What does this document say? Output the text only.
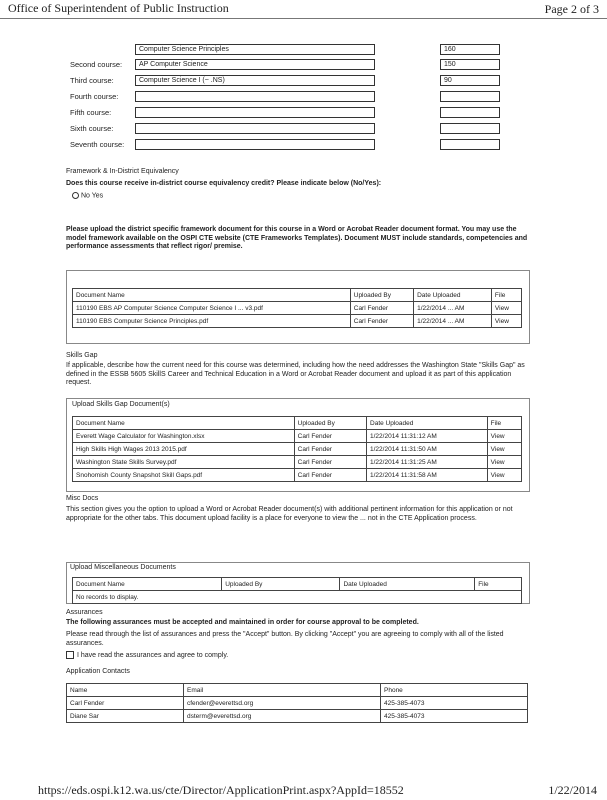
Office of Superintendent of Public Instruction	Page 2 of 3
Computer Science Principles	160
Second course:	AP Computer Science	150
Third course:	Computer Science I (~ .NS)	90
Fourth course:
Fifth course:
Sixth course:
Seventh course:
Framework & In-District Equivalency
Does this course receive in-district course equivalency credit? Please indicate below (No/Yes):
No Yes
Please upload the district specific framework document for this course in a Word or Acrobat Reader document format. You may use the model framework available on the OSPI CTE website (CTE Frameworks Templates). Document MUST include standards, competencies and performance assessments that reflect rigor/ premise.
Document Name	Uploaded By	Date Uploaded	File
110190 EBS AP Computer Science Computer Science I ... v3.pdf	Carl Fender	1/22/2014 ... AM	View
110190 EBS Computer Science Principles.pdf	Carl Fender	1/22/2014 ... AM	View
Skills Gap
If applicable, describe how the current need for this course was determined, including how the need addresses the Washington State "Skills Gap" as defined in the ESSB 5605 SkillS Career and Technical Education in a Word or Acrobat Reader document and upload it as part of this application request.
Upload Skills Gap Document(s)
Document Name	Uploaded By	Date Uploaded	File
Everett Wage Calculator for Washington.xlsx	Carl Fender	1/22/2014 11:31:12 AM	View
High Skills High Wages 2013 2015.pdf	Carl Fender	1/22/2014 11:31:50 AM	View
Washington State Skills Survey.pdf	Carl Fender	1/22/2014 11:31:25 AM	View
Snohomish County Snapshot Skill Gaps.pdf	Carl Fender	1/22/2014 11:31:58 AM	View
Misc Docs
This section gives you the option to upload a Word or Acrobat Reader document(s) with additional pertinent information for this application or not appropriate for the other tabs. This document upload facility is a place for everyone to view the ... not in the CTE Application process.
Upload Miscellaneous Documents
Document Name	Uploaded By	Date Uploaded	File
No records to display.
Assurances
The following assurances must be accepted and maintained in order for course approval to be completed.
Please read through the list of assurances and press the "Accept" button. By clicking "Accept" you are agreeing to comply with all of the listed assurances.
I have read the assurances and agree to comply.
Application Contacts
Name	Email	Phone
Carl Fender	cfender@everettsd.org	425-385-4073
Diane Sar	dsterm@everettsd.org	425-385-4073
https://eds.ospi.k12.wa.us/cte/Director/ApplicationPrint.aspx?AppId=18552	1/22/2014
